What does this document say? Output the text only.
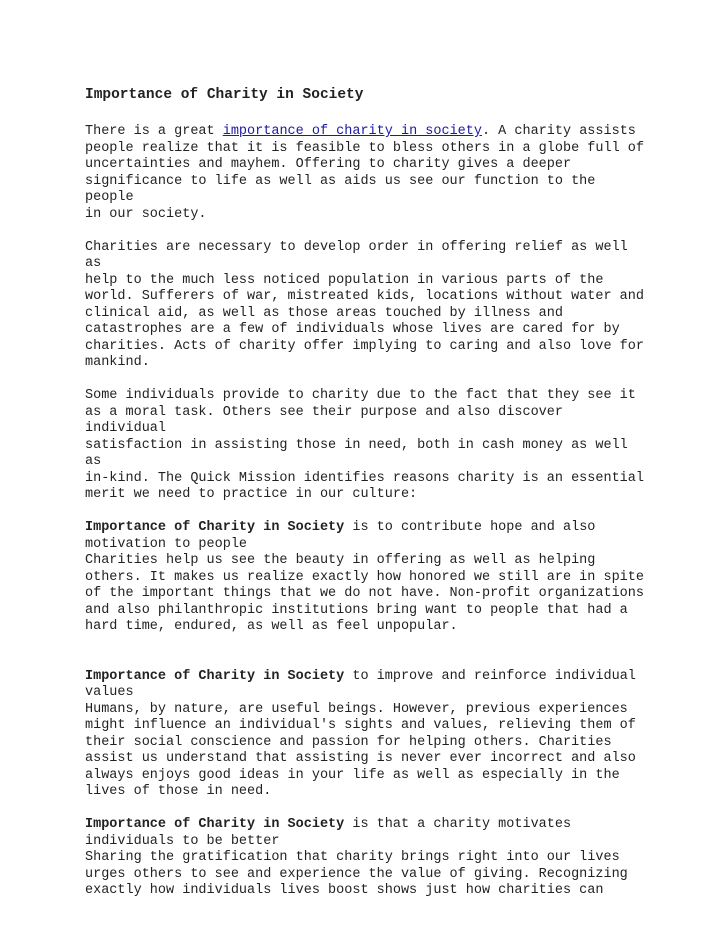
Importance of Charity in Society

There is a great importance of charity in society. A charity assists
people realize that it is feasible to bless others in a globe full of
uncertainties and mayhem. Offering to charity gives a deeper
significance to life as well as aids us see our function to the people
in our society.

Charities are necessary to develop order in offering relief as well as
help to the much less noticed population in various parts of the
world. Sufferers of war, mistreated kids, locations without water and
clinical aid, as well as those areas touched by illness and
catastrophes are a few of individuals whose lives are cared for by
charities. Acts of charity offer implying to caring and also love for
mankind.

Some individuals provide to charity due to the fact that they see it
as a moral task. Others see their purpose and also discover individual
satisfaction in assisting those in need, both in cash money as well as
in-kind. The Quick Mission identifies reasons charity is an essential
merit we need to practice in our culture:

Importance of Charity in Society is to contribute hope and also
motivation to people
Charities help us see the beauty in offering as well as helping
others. It makes us realize exactly how honored we still are in spite
of the important things that we do not have. Non-profit organizations
and also philanthropic institutions bring want to people that had a
hard time, endured, as well as feel unpopular.

Importance of Charity in Society to improve and reinforce individual
values
Humans, by nature, are useful beings. However, previous experiences
might influence an individual's sights and values, relieving them of
their social conscience and passion for helping others. Charities
assist us understand that assisting is never ever incorrect and also
always enjoys good ideas in your life as well as especially in the
lives of those in need.

Importance of Charity in Society is that a charity motivates
individuals to be better
Sharing the gratification that charity brings right into our lives
urges others to see and experience the value of giving. Recognizing
exactly how individuals lives boost shows just how charities can
